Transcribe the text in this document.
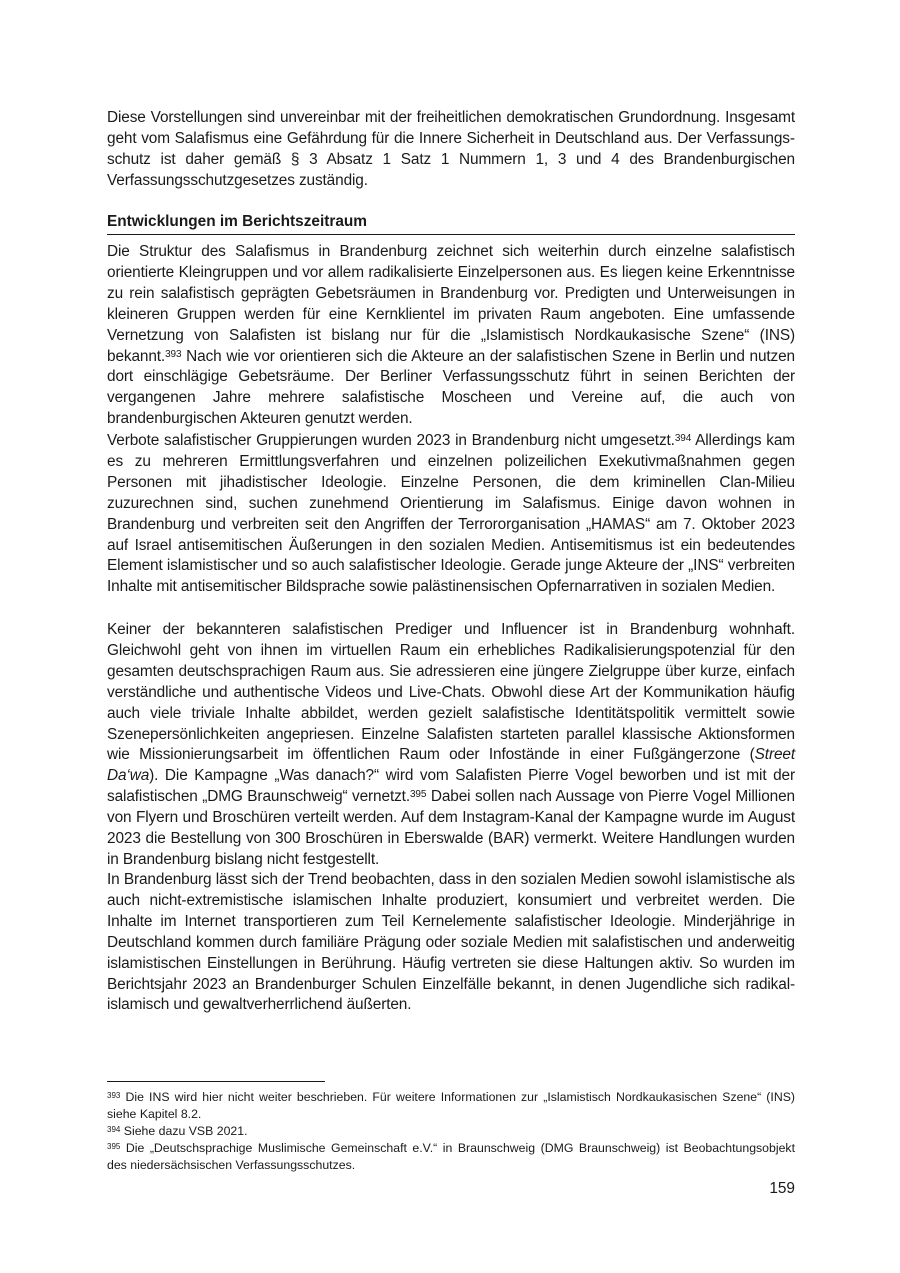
Diese Vorstellungen sind unvereinbar mit der freiheitlichen demokratischen Grundordnung. Insgesamt geht vom Salafismus eine Gefährdung für die Innere Sicherheit in Deutschland aus. Der Verfassungsschutz ist daher gemäß § 3 Absatz 1 Satz 1 Nummern 1, 3 und 4 des Brandenburgischen Verfassungsschutzgesetzes zuständig.

Entwicklungen im Berichtszeitraum

Die Struktur des Salafismus in Brandenburg zeichnet sich weiterhin durch einzelne salafistisch orientierte Kleingruppen und vor allem radikalisierte Einzelpersonen aus. Es liegen keine Erkenntnisse zu rein salafistisch geprägten Gebetsräumen in Brandenburg vor. Predigten und Unterweisungen in kleineren Gruppen werden für eine Kernklientel im privaten Raum angeboten. Eine umfassende Vernetzung von Salafisten ist bislang nur für die „Islamistisch Nordkaukasische Szene“ (INS) bekannt.$^{393}$ Nach wie vor orientieren sich die Akteure an der salafistischen Szene in Berlin und nutzen dort einschlägige Gebetsräume. Der Berliner Verfassungsschutz führt in seinen Berichten der vergangenen Jahre mehrere salafistische Moscheen und Vereine auf, die auch von brandenburgischen Akteuren genutzt werden.

Verbote salafistischer Gruppierungen wurden 2023 in Brandenburg nicht umgesetzt.$^{394}$ Allerdings kam es zu mehreren Ermittlungsverfahren und einzelnen polizeilichen Exekutivmaßnahmen gegen Personen mit jihadistischer Ideologie. Einzelne Personen, die dem kriminellen Clan-Milieu zuzurechnen sind, suchen zunehmend Orientierung im Salafismus. Einige davon wohnen in Brandenburg und verbreiten seit den Angriffen der Terrororganisation „HAMAS“ am 7. Oktober 2023 auf Israel antisemitischen Äußerungen in den sozialen Medien. Antisemitismus ist ein bedeutendes Element islamistischer und so auch salafistischer Ideologie. Gerade junge Akteure der „INS“ verbreiten Inhalte mit antisemitischer Bildsprache sowie palästinensischen Opfernarrativen in sozialen Medien.

Keiner der bekannteren salafistischen Prediger und Influencer ist in Brandenburg wohnhaft. Gleichwohl geht von ihnen im virtuellen Raum ein erhebliches Radikalisierungspotenzial für den gesamten deutschsprachigen Raum aus. Sie adressieren eine jüngere Zielgruppe über kurze, einfach verständliche und authentische Videos und Live-Chats. Obwohl diese Art der Kommunikation häufig auch viele triviale Inhalte abbildet, werden gezielt salafistische Identitätspolitik vermittelt sowie Szenepersönlichkeiten angepriesen. Einzelne Salafisten starteten parallel klassische Aktionsformen wie Missionierungsarbeit im öffentlichen Raum oder Infostände in einer Fußgängerzone (Street Da‘wa). Die Kampagne „Was danach?“ wird vom Salafisten Pierre Vogel beworben und ist mit der salafistischen „DMG Braunschweig“ vernetzt.$^{395}$ Dabei sollen nach Aussage von Pierre Vogel Millionen von Flyern und Broschüren verteilt werden. Auf dem Instagram-Kanal der Kampagne wurde im August 2023 die Bestellung von 300 Broschüren in Eberswalde (BAR) vermerkt. Weitere Handlungen wurden in Brandenburg bislang nicht festgestellt.

In Brandenburg lässt sich der Trend beobachten, dass in den sozialen Medien sowohl islamistische als auch nicht-extremistische islamischen Inhalte produziert, konsumiert und verbreitet werden. Die Inhalte im Internet transportieren zum Teil Kernelemente salafistischer Ideologie. Minderjährige in Deutschland kommen durch familiäre Prägung oder soziale Medien mit salafistischen und anderweitig islamistischen Einstellungen in Berührung. Häufig vertreten sie diese Haltungen aktiv. So wurden im Berichtsjahr 2023 an Brandenburger Schulen Einzelfälle bekannt, in denen Jugendliche sich radikal-islamisch und gewaltverherrlichend äußerten.

$^{393}$ Die INS wird hier nicht weiter beschrieben. Für weitere Informationen zur „Islamistisch Nordkaukasischen Szene“ (INS) siehe Kapitel 8.2.
$^{394}$ Siehe dazu VSB 2021.
$^{395}$ Die „Deutschsprachige Muslimische Gemeinschaft e.V.“ in Braunschweig (DMG Braunschweig) ist Beobachtungsobjekt des niedersächsischen Verfassungsschutzes.
159
